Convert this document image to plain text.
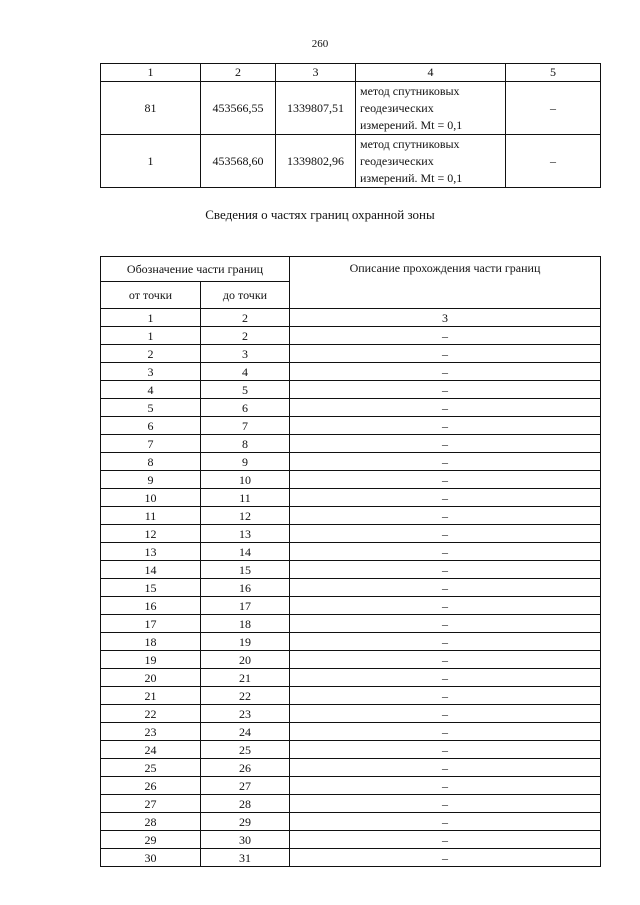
260
1	2	3	4	5
81	453566,55	1339807,51	метод спутниковых
геодезических
измерений. Mt = 0,1	–
1	453568,60	1339802,96	метод спутниковых
геодезических
измерений. Mt = 0,1	–
Сведения о частях границ охранной зоны
Обозначение части границ		Описание прохождения части границ
от точки	до точки	
1	2	3
1	2	–
2	3	–
3	4	–
4	5	–
5	6	–
6	7	–
7	8	–
8	9	–
9	10	–
10	11	–
11	12	–
12	13	–
13	14	–
14	15	–
15	16	–
16	17	–
17	18	–
18	19	–
19	20	–
20	21	–
21	22	–
22	23	–
23	24	–
24	25	–
25	26	–
26	27	–
27	28	–
28	29	–
29	30	–
30	31	–
